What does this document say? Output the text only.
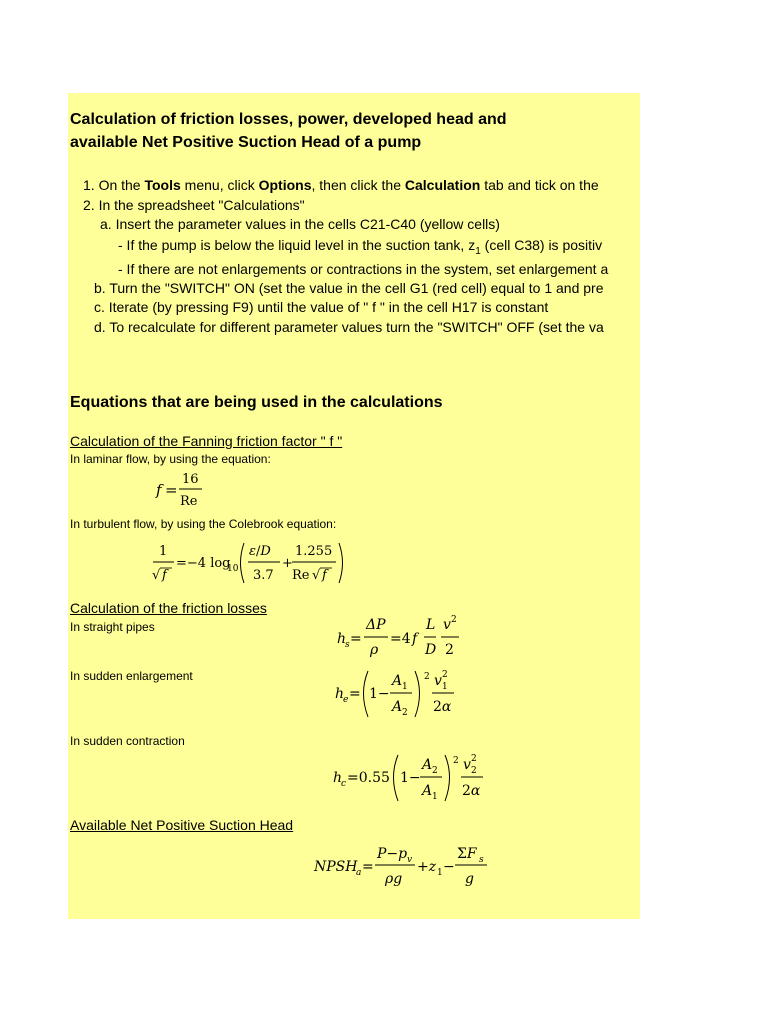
Calculation of friction losses, power, developed head and
available Net Positive Suction Head of a pump
1. On the Tools menu, click Options, then click the Calculation tab and tick on the
2. In the spreadsheet "Calculations"
a. Insert the parameter values in the cells C21-C40 (yellow cells)
- If the pump is below the liquid level in the suction tank, $z_1$ (cell C38) is positiv
- If there are not enlargements or contractions in the system, set enlargement a
b. Turn the "SWITCH" ON (set the value in the cell G1 (red cell) equal to 1 and pre
c. Iterate (by pressing F9) until the value of " f " in the cell H17 is constant
d. To recalculate for different parameter values turn the "SWITCH" OFF (set the va
Equations that are being used in the calculations
Calculation of the Fanning friction factor " f "
In laminar flow, by using the equation:
f =
16
Re
In turbulent flow, by using the Colebrook equation:
1
√ f
=−4 log
10
ε/D
3.7
+
1.255
Re √ f
Calculation of the friction losses
In straight pipes
h
s =
ΔP
ρ
=4 f
L
D
v 2
2
In sudden enlargement
h
e = 1−
A 1
A 2
2 v 2
1
2α
In sudden contraction
h
c =0.55 1−
A 2
A 1
2 v 2
2
2α
Available Net Positive Suction Head
NPSH
a =
P−p v
ρg
+z 1 −
ΣF s
g
